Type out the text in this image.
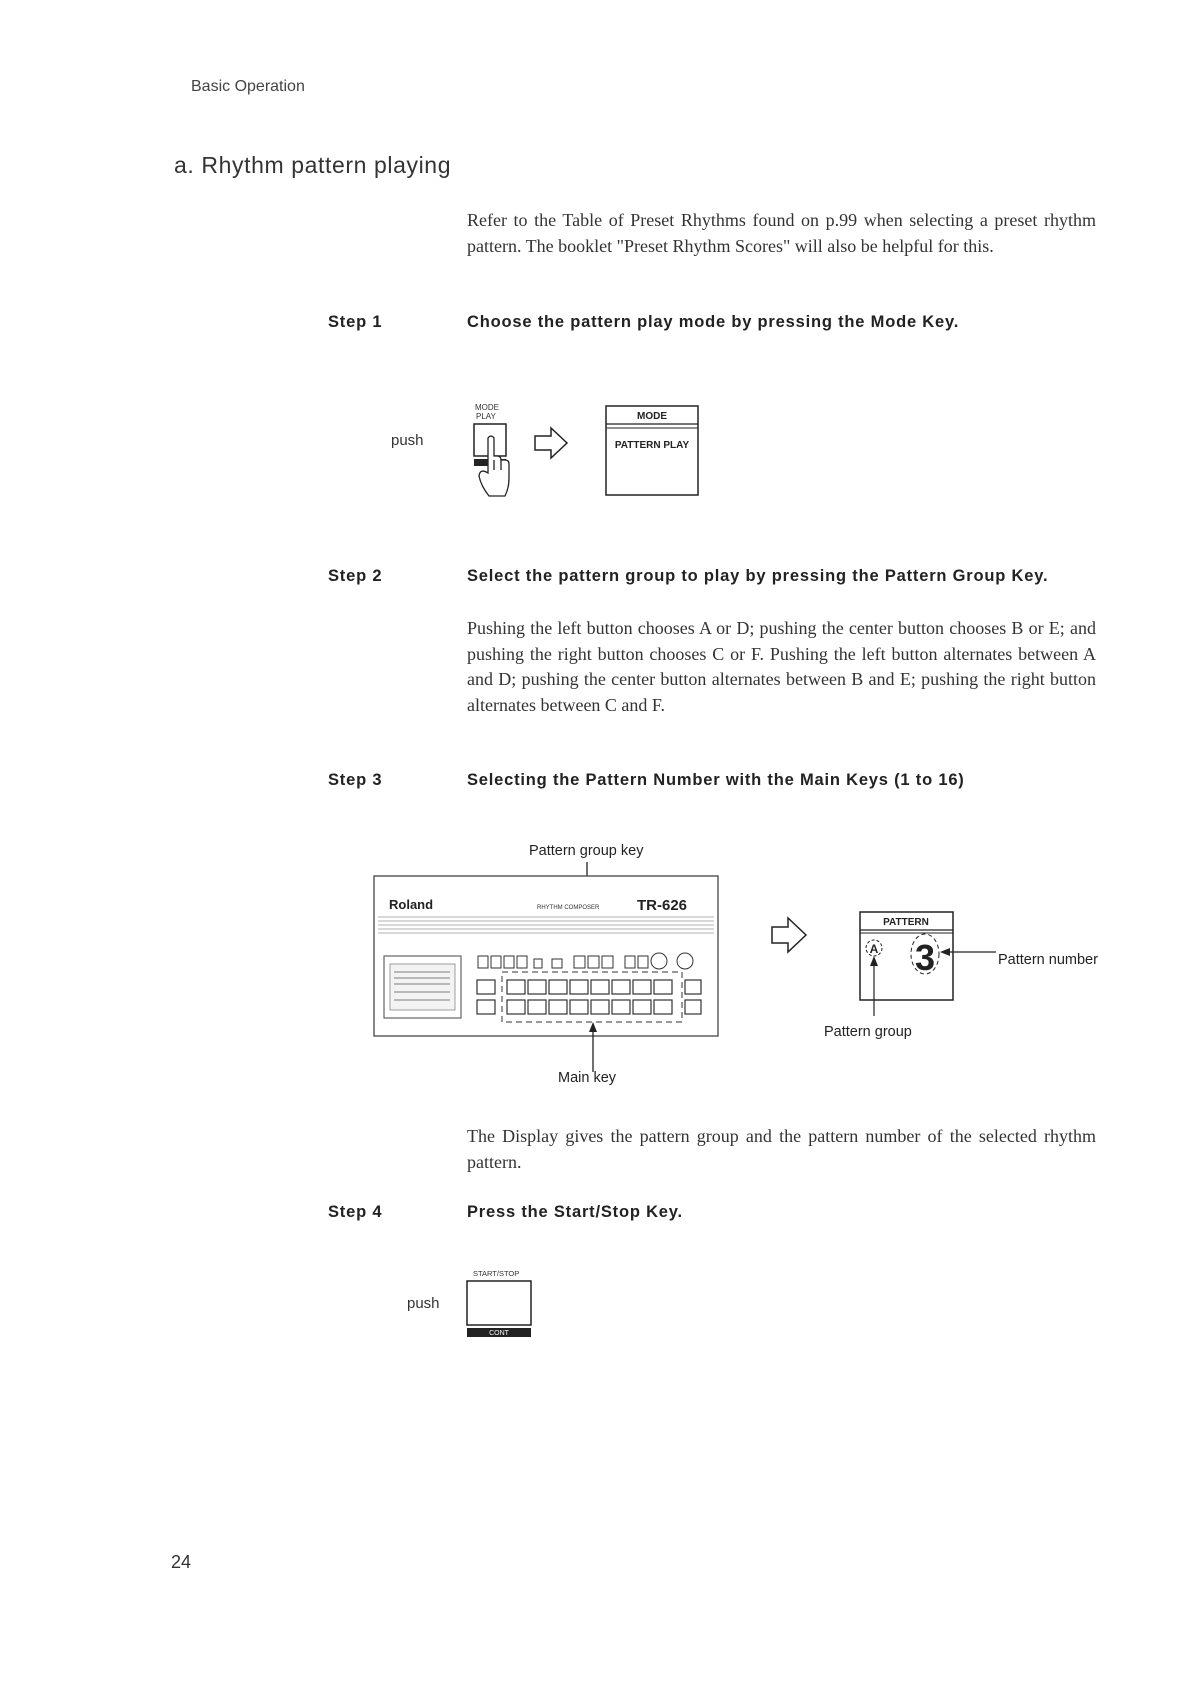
Basic Operation
a. Rhythm pattern playing
Refer to the Table of Preset Rhythms found on p.99 when selecting a preset rhythm pattern. The booklet "Preset Rhythm Scores" will also be helpful for this.
Step 1	Choose the pattern play mode by pressing the Mode Key.
push
MODE
PLAY	MODE
PATTERN PLAY
Step 2	Select the pattern group to play by pressing the Pattern Group Key.
Pushing the left button chooses A or D; pushing the center button chooses B or E; and pushing the right button chooses C or F. Pushing the left button alternates between A and D; pushing the center button alternates between B and E; pushing the right button alternates between C and F.
Step 3	Selecting the Pattern Number with the Main Keys (1 to 16)
Pattern group key
Roland	RHYTHM COMPOSER	TR-626
Main key
PATTERN
A 3	Pattern number
Pattern group
The Display gives the pattern group and the pattern number of the selected rhythm pattern.
Step 4	Press the Start/Stop Key.
push
START/STOP
CONT
24
